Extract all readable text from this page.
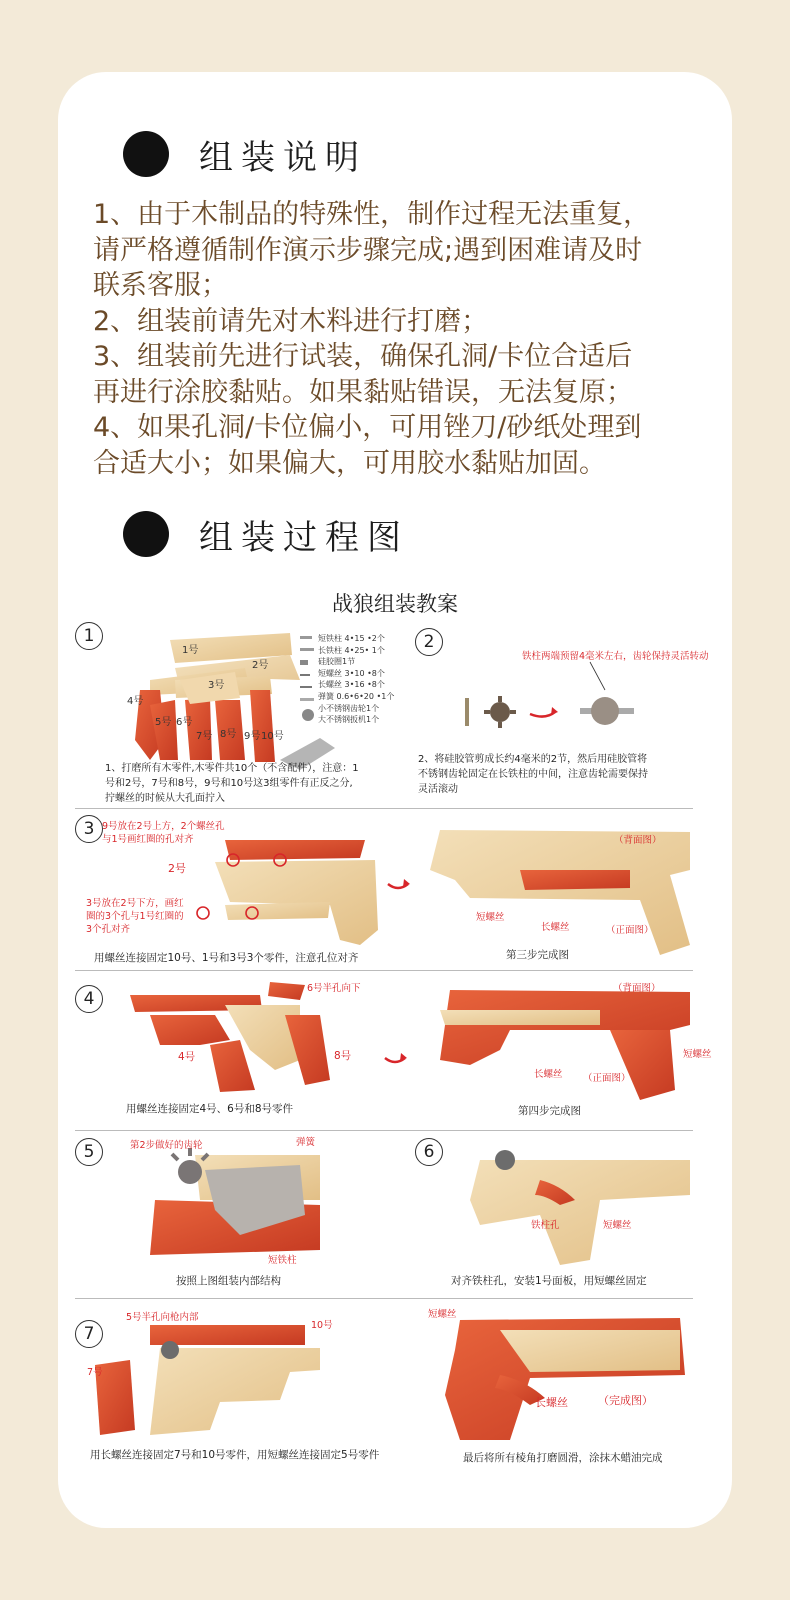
组装说明

1、由于木制品的特殊性，制作过程无法重复，
请严格遵循制作演示步骤完成;遇到困难请及时
联系客服；

2、组装前请先对木料进行打磨；

3、组装前先进行试装，确保孔洞/卡位合适后
再进行涂胶黏贴。如果黏贴错误，无法复原；

4、如果孔洞/卡位偏小，可用锉刀/砂纸处理到
合适大小；如果偏大，可用胶水黏贴加固。

组装过程图
战狼组装教案
1	2
3
4
5	6
7
1号
2号
3号
4号
5号 6号
7号 8号 9号 10号
短铁柱 4•15 •2个
长铁柱 4•25• 1个
硅胶圈1节
短螺丝 3•10 •8个
长螺丝 3•16 •8个
弹簧 0.6•6•20 •1个
小不锈钢齿轮1个
大不锈钢扳机1个
1、打磨所有木零件,木零件共10个（不含配件），注意：1
号和2号，7号和8号，9号和10号这3组零件有正反之分,
拧螺丝的时候从大孔面拧入
铁柱两端预留4毫米左右，齿轮保持灵活转动
2、将硅胶管剪成长约4毫米的2节，然后用硅胶管将
不锈钢齿轮固定在长铁柱的中间，注意齿轮需要保持
灵活滚动
9号放在2号上方，2个螺丝孔
与1号画红圈的孔对齐
2号
3号放在2号下方，画红
圈的3个孔与1号红圈的
3个孔对齐
用螺丝连接固定10号、1号和3号3个零件，注意孔位对齐
（背面图）
短螺丝
长螺丝	（正面图）
第三步完成图
6号半孔向下
4号	8号
用螺丝连接固定4号、6号和8号零件
（背面图）
长螺丝
短螺丝
（正面图）
第四步完成图
第2步做好的齿轮	弹簧
短铁柱
按照上图组装内部结构
铁柱孔	短螺丝
对齐铁柱孔，安装1号面板，用短螺丝固定
5号半孔向枪内部
10号
7号
用长螺丝连接固定7号和10号零件，用短螺丝连接固定5号零件
短螺丝
长螺丝	（完成图）
最后将所有棱角打磨圆滑，涂抹木蜡油完成
